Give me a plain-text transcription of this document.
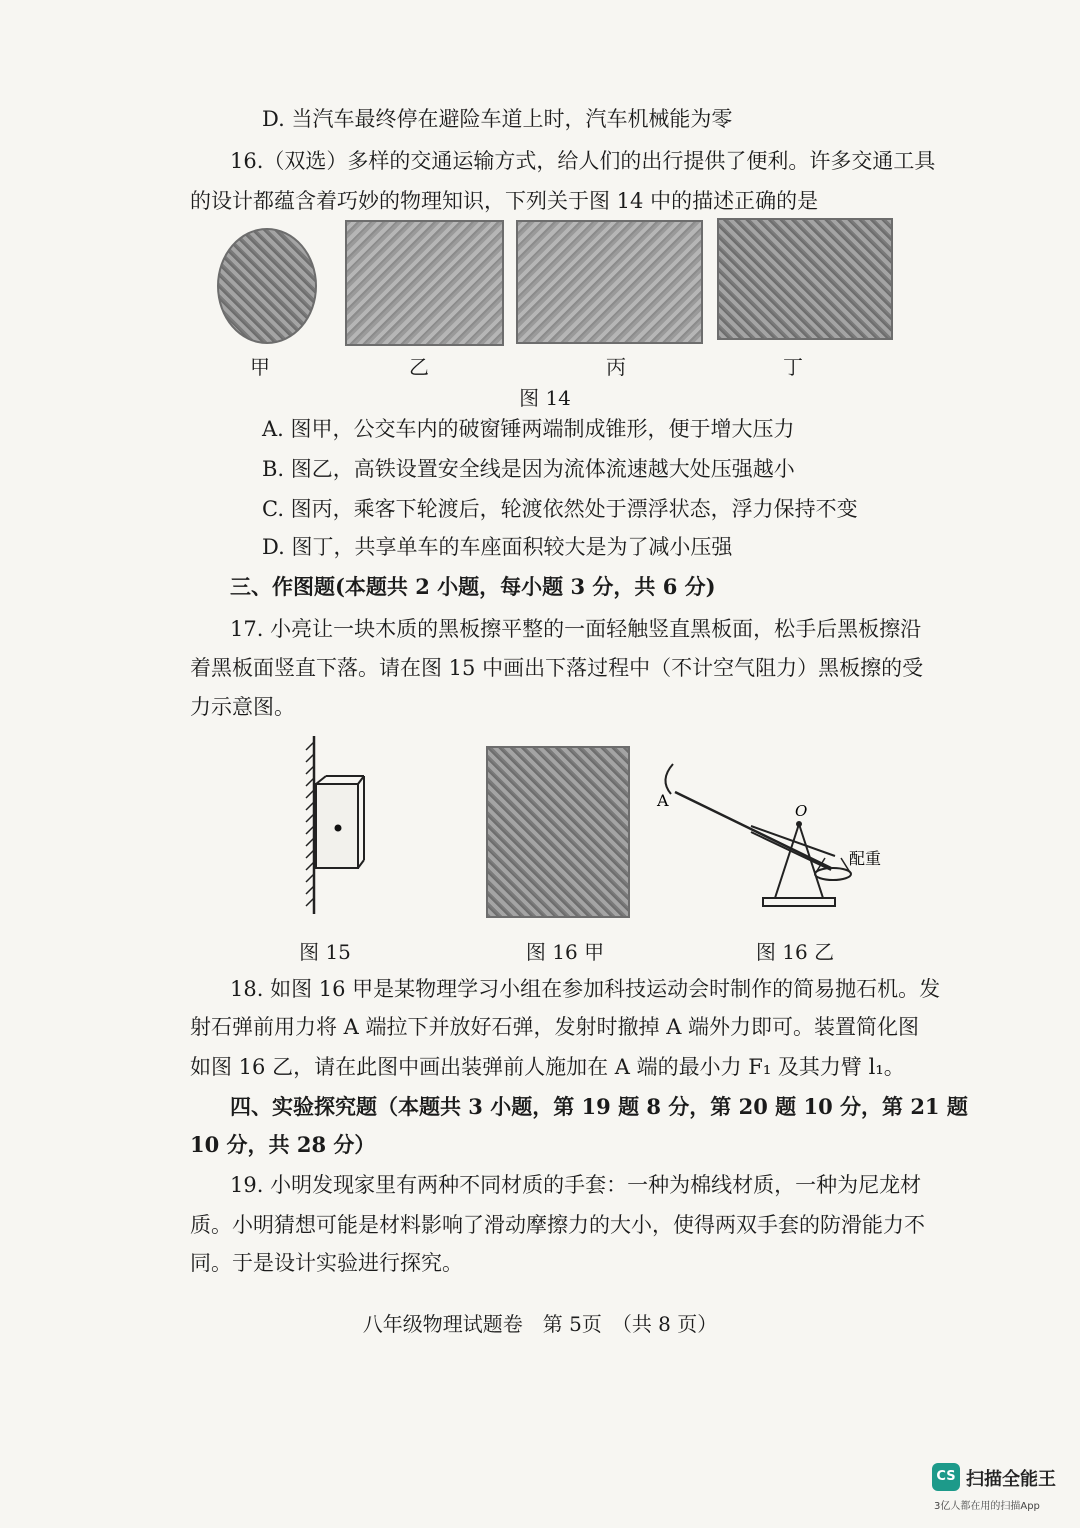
D. 当汽车最终停在避险车道上时，汽车机械能为零
16.（双选）多样的交通运输方式，给人们的出行提供了便利。许多交通工具
的设计都蕴含着巧妙的物理知识，下列关于图 14 中的描述正确的是
甲	乙	丙	丁
图 14
A. 图甲，公交车内的破窗锤两端制成锥形，便于增大压力
B. 图乙，高铁设置安全线是因为流体流速越大处压强越小
C. 图丙，乘客下轮渡后，轮渡依然处于漂浮状态，浮力保持不变
D. 图丁，共享单车的车座面积较大是为了减小压强
三、作图题(本题共 2 小题，每小题 3 分，共 6 分)
17. 小亮让一块木质的黑板擦平整的一面轻触竖直黑板面，松手后黑板擦沿
着黑板面竖直下落。请在图 15 中画出下落过程中（不计空气阻力）黑板擦的受
力示意图。
A
O
配重
图 15	图 16 甲	图 16 乙
18. 如图 16 甲是某物理学习小组在参加科技运动会时制作的简易抛石机。发
射石弹前用力将 A 端拉下并放好石弹，发射时撤掉 A 端外力即可。装置简化图
如图 16 乙，请在此图中画出装弹前人施加在 A 端的最小力 F₁ 及其力臂 l₁。
四、实验探究题（本题共 3 小题，第 19 题 8 分，第 20 题 10 分，第 21 题
10 分，共 28 分）
19. 小明发现家里有两种不同材质的手套：一种为棉线材质，一种为尼龙材
质。小明猜想可能是材料影响了滑动摩擦力的大小，使得两双手套的防滑能力不
同。于是设计实验进行探究。
八年级物理试题卷　第 5页　（共 8 页）
CS 扫描全能王
3亿人都在用的扫描App
